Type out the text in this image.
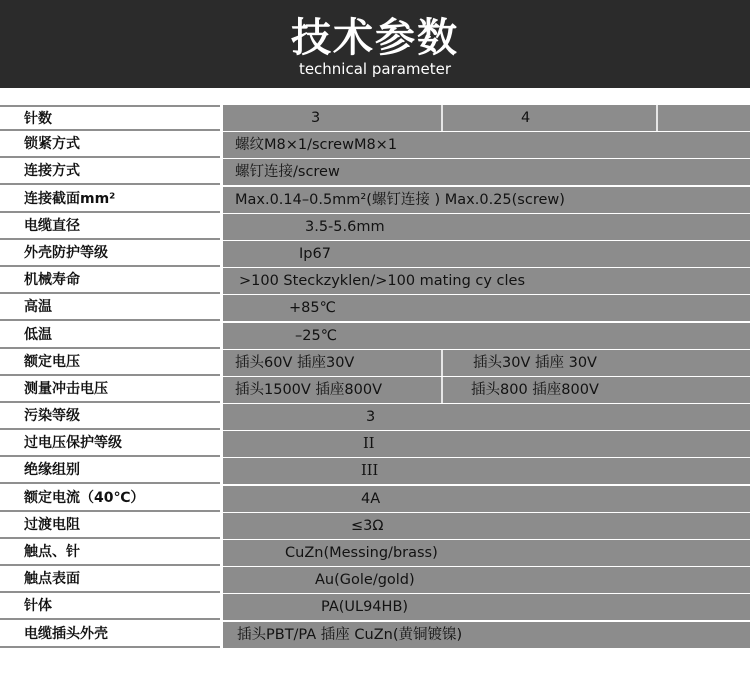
技术参数
technical parameter
针数	3	4
锁紧方式	螺纹M8×1/screwM8×1
连接方式	螺钉连接/screw
连接截面mm²	Max.0.14–0.5mm²(螺钉连接 ) Max.0.25(screw)
电缆直径	3.5-5.6mm
外壳防护等级	Ip67
机械寿命	>100 Steckzyklen/>100 mating cy cles
高温	+85℃
低温	–25℃
额定电压	插头60V 插座30V	插头30V 插座 30V
测量冲击电压	插头1500V 插座800V	插头800 插座800V
污染等级	3
过电压保护等级	II
绝缘组别	III
额定电流（40℃）	4A
过渡电阻	≤3Ω
触点、针	CuZn(Messing/brass)
触点表面	Au(Gole/gold)
针体	PA(UL94HB)
电缆插头外壳	插头PBT/PA 插座 CuZn(黄铜镀镍)
